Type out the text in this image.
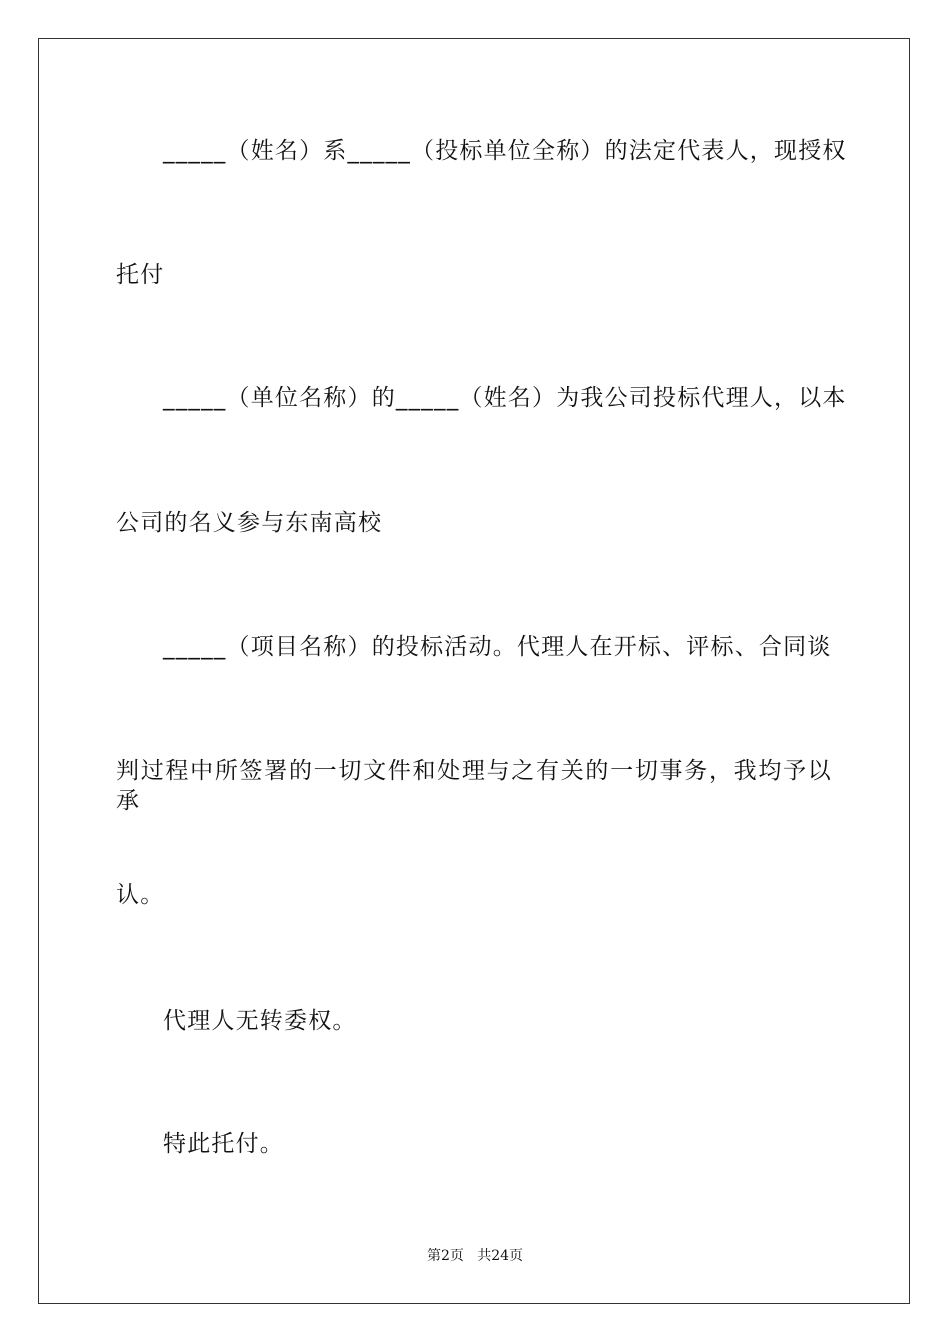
_____（姓名）系_____（投标单位全称）的法定代表人，现授权
托付
_____（单位名称）的_____（姓名）为我公司投标代理人，以本
公司的名义参与东南高校
_____（项目名称）的投标活动。代理人在开标、评标、合同谈
判过程中所签署的一切文件和处理与之有关的一切事务，我均予以承
认。
代理人无转委权。
特此托付。
第2页   共24页
